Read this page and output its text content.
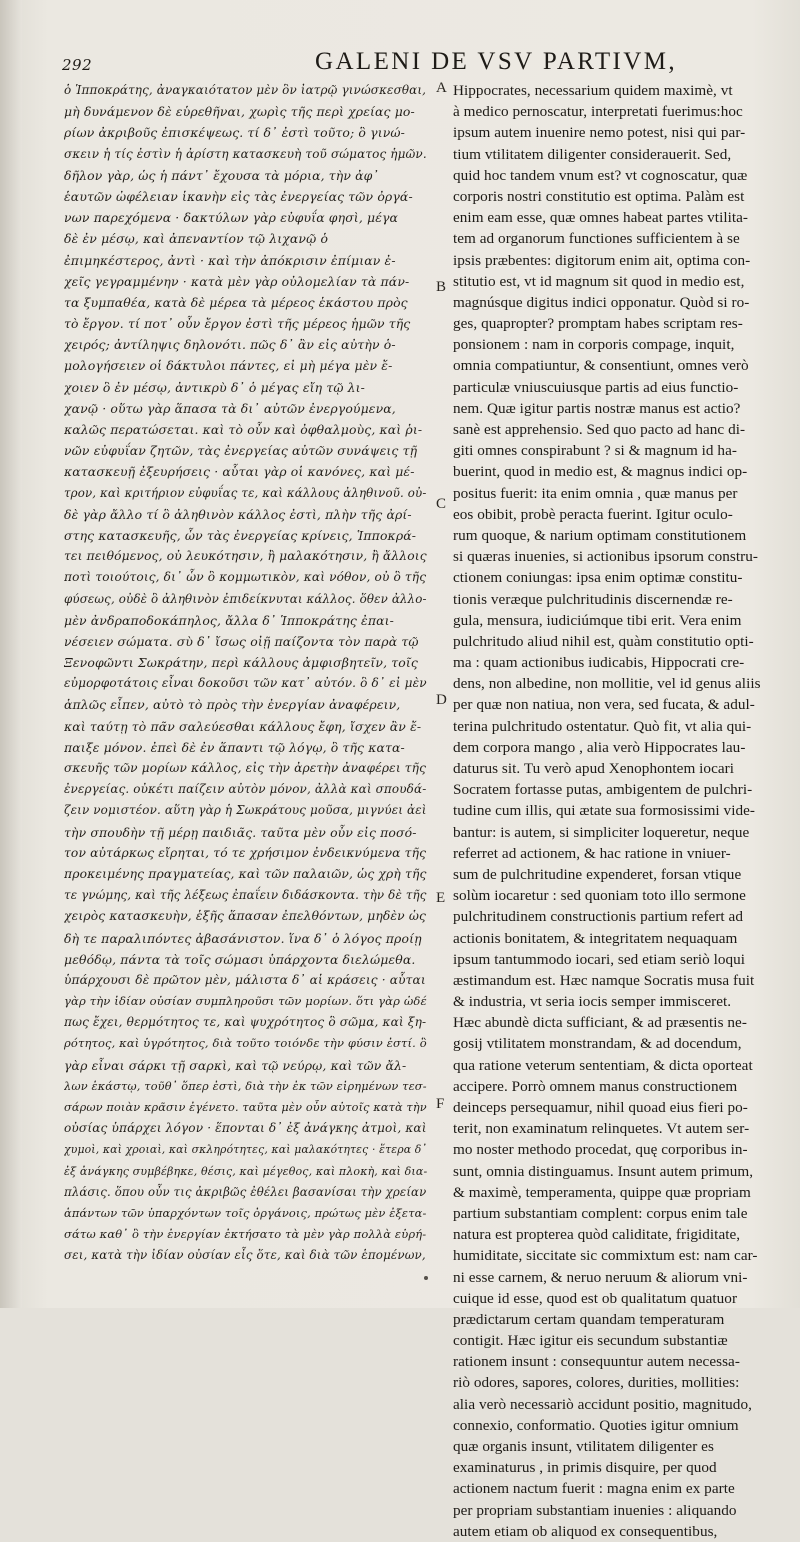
292	GALENI DE VSV PARTIVM,
ὁ Ἱπποκράτης, ἀναγκαιότατον μὲν ὃν ἰατρῷ γινώσκεσθαι,
μὴ δυνάμενον δὲ εὑρεθῆναι, χωρὶς τῆς περὶ χρείας μο-
ρίων ἀκριβοῦς ἐπισκέψεως. τί δ᾽ ἐστὶ τοῦτο; ὃ γινώ-
σκειν ἡ τίς ἐστὶν ἡ ἀρίστη κατασκευὴ τοῦ σώματος ἡμῶν.
δῆλον γὰρ, ὡς ἡ πάντ᾽ ἔχουσα τὰ μόρια, τὴν ἀφ᾽
ἑαυτῶν ὠφέλειαν ἱκανὴν εἰς τὰς ἐνεργείας τῶν ὀργά-
νων παρεχόμενα · δακτύλων γὰρ εὐφυΐα φησὶ, μέγα
δὲ ἐν μέσῳ, καὶ ἀπεναντίον τῷ λιχανῷ ὁ
ἐπιμηκέστερος, ἀντὶ · καὶ τὴν ἀπόκρισιν ἐπίμιαν ἐ-
χεῖς γεγραμμένην · κατὰ μὲν γὰρ οὐλομελίαν τὰ πάν-
τα ξυμπαθέα, κατὰ δὲ μέρεα τὰ μέρεος ἑκάστου πρὸς
τὸ ἔργον. τί ποτ᾽ οὖν ἔργον ἐστὶ τῆς μέρεος ἡμῶν τῆς
χειρός; ἀντίληψις δηλονότι. πῶς δ᾽ ἂν εἰς αὐτὴν ὁ-
μολογήσειεν οἱ δάκτυλοι πάντες, εἰ μὴ μέγα μὲν ἔ-
χοιεν ὃ ἐν μέσῳ, ἀντικρὺ δ᾽ ὁ μέγας εἴη τῷ λι-
χανῷ · οὕτω γὰρ ἅπασα τὰ δι᾽ αὐτῶν ἐνεργούμενα,
καλῶς περατώσεται. καὶ τὸ οὖν καὶ ὀφθαλμοὺς, καὶ ῥι-
νῶν εὐφυΐαν ζητῶν, τὰς ἐνεργείας αὐτῶν συνάψεις τῇ
κατασκευῇ ἐξευρήσεις · αὗται γὰρ οἱ κανόνες, καὶ μέ-
τρον, καὶ κριτήριον εὐφυΐας τε, καὶ κάλλους ἀληθινοῦ. οὐ-
δὲ γὰρ ἄλλο τί ὃ ἀληθινὸν κάλλος ἐστὶ, πλὴν τῆς ἀρί-
στης κατασκευῆς, ὧν τὰς ἐνεργείας κρίνεις, Ἱπποκρά-
τει πειθόμενος, οὐ λευκότησιν, ἢ μαλακότησιν, ἢ ἄλλοις
ποτὶ τοιούτοις, δι᾽ ὧν ὃ κομμωτικὸν, καὶ νόθον, οὐ ὃ τῆς
φύσεως, οὐδὲ ὃ ἀληθινὸν ἐπιδείκνυται κάλλος. ὅθεν ἀλλο-
μὲν ἀνδραποδοκάπηλος, ἄλλα δ᾽ Ἱπποκράτης ἐπαι-
νέσειεν σώματα. σὺ δ᾽ ἴσως οἰῇ παίζοντα τὸν παρὰ τῷ
Ξενοφῶντι Σωκράτην, περὶ κάλλους ἀμφισβητεῖν, τοῖς
εὐμορφοτάτοις εἶναι δοκοῦσι τῶν κατ᾽ αὐτόν. ὃ δ᾽ εἰ μὲν
ἁπλῶς εἶπεν, αὐτὸ τὸ πρὸς τὴν ἐνεργίαν ἀναφέρειν,
καὶ ταύτῃ τὸ πᾶν σαλεύεσθαι κάλλους ἔφη, ἴσχεν ἂν ἔ-
παιξε μόνον. ἐπεὶ δὲ ἐν ἅπαντι τῷ λόγῳ, ὃ τῆς κατα-
σκευῆς τῶν μορίων κάλλος, εἰς τὴν ἀρετὴν ἀναφέρει τῆς
ἐνεργείας. οὐκέτι παίζειν αὐτὸν μόνον, ἀλλὰ καὶ σπουδά-
ζειν νομιστέον. αὕτη γὰρ ἡ Σωκράτους μοῦσα, μιγνύει ἀεὶ
τὴν σπουδὴν τῇ μέρῃ παιδιᾶς. ταῦτα μὲν οὖν εἰς ποσό-
τον αὐτάρκως εἴρηται, τό τε χρήσιμον ἐνδεικνύμενα τῆς
προκειμένης πραγματείας, καὶ τῶν παλαιῶν, ὡς χρὴ τῆς
τε γνώμης, καὶ τῆς λέξεως ἐπαΐειν διδάσκοντα. τὴν δὲ τῆς
χειρὸς κατασκευὴν, ἑξῆς ἅπασαν ἐπελθόντων, μηδὲν ὡς
δὴ τε παραλιπόντες ἀβασάνιστον. ἵνα δ᾽ ὁ λόγος προίῃ
μεθόδῳ, πάντα τὰ τοῖς σώμασι ὑπάρχοντα διελώμεθα.
ὑπάρχουσι δὲ πρῶτον μὲν, μάλιστα δ᾽ αἱ κράσεις · αὗται
γὰρ τὴν ἰδίαν οὐσίαν συμπληροῦσι τῶν μορίων. ὅτι γὰρ ὡδέ
πως ἔχει, θερμότητος τε, καὶ ψυχρότητος ὃ σῶμα, καὶ ξη-
ρότητος, καὶ ὑγρότητος, διὰ τοῦτο τοιόνδε τὴν φύσιν ἐστί. ὃ
γὰρ εἶναι σάρκι τῇ σαρκὶ, καὶ τῷ νεύρῳ, καὶ τῶν ἄλ-
λων ἑκάστῳ, τοῦθ᾽ ὅπερ ἐστὶ, διὰ τὴν ἐκ τῶν εἰρημένων τεσ-
σάρων ποιὰν κρᾶσιν ἐγένετο. ταῦτα μὲν οὖν αὐτοῖς κατὰ τὴν
οὐσίας ὑπάρχει λόγον · ἕπονται δ᾽ ἐξ ἀνάγκης ἀτμοὶ, καὶ
χυμοὶ, καὶ χροιαὶ, καὶ σκληρότητες, καὶ μαλακότητες · ἕτερα δ᾽
ἐξ ἀνάγκης συμβέβηκε, θέσις, καὶ μέγεθος, καὶ πλοκὴ, καὶ δια-
πλάσις. ὅπου οὖν τις ἀκριβῶς ἐθέλει βασανίσαι τὴν χρείαν
ἁπάντων τῶν ὑπαρχόντων τοῖς ὀργάνοις, πρώτως μὲν ἐξετα-
σάτω καθ᾽ ὃ τὴν ἐνεργίαν ἐκτήσατο τὰ μὲν γὰρ πολλὰ εὑρή-
σει, κατὰ τὴν ἰδίαν οὐσίαν εἶς ὅτε, καὶ διὰ τῶν ἑπομένων,
A
B
C
D
E
F
Hippocrates, necessarium quidem maximè, vt
à medico pernoscatur, interpretati fuerimus:hoc
ipsum autem inuenire nemo potest, nisi qui par-
tium vtilitatem diligenter considerauerit. Sed,
quid hoc tandem vnum est? vt cognoscatur, quæ
corporis nostri constitutio est optima. Palàm est
enim eam esse, quæ omnes habeat partes vtilita-
tem ad organorum functiones sufficientem à se
ipsis præbentes: digitorum enim ait, optima con-
stitutio est, vt id magnum sit quod in medio est,
magnúsque digitus indici opponatur. Quòd si ro-
ges, quapropter? promptam habes scriptam res-
ponsionem : nam in corporis compage, inquit,
omnia compatiuntur, & consentiunt, omnes verò
particulæ vniuscuiusque partis ad eius functio-
nem. Quæ igitur partis nostræ manus est actio?
sanè est apprehensio. Sed quo pacto ad hanc di-
giti omnes conspirabunt ? si & magnum id ha-
buerint, quod in medio est, & magnus indici op-
positus fuerit: ita enim omnia , quæ manus per
eos obibit, probè peracta fuerint. Igitur oculo-
rum quoque, & narium optimam constitutionem
si quæras inuenies, si actionibus ipsorum constru-
ctionem coniungas: ipsa enim optimæ constitu-
tionis veræque pulchritudinis discernendæ re-
gula, mensura, iudiciúmque tibi erit. Vera enim
pulchritudo aliud nihil est, quàm constitutio opti-
ma : quam actionibus iudicabis, Hippocrati cre-
dens, non albedine, non mollitie, vel id genus aliis
per quæ non natiua, non vera, sed fucata, & adul-
terina pulchritudo ostentatur. Quò fit, vt alia qui-
dem corpora mango , alia verò Hippocrates lau-
daturus sit. Tu verò apud Xenophontem iocari
Socratem fortasse putas, ambigentem de pulchri-
tudine cum illis, qui ætate sua formosissimi vide-
bantur: is autem, si simpliciter loqueretur, neque
referret ad actionem, & hac ratione in vniuer-
sum de pulchritudine expenderet, forsan vtique
solùm iocaretur : sed quoniam toto illo sermone
pulchritudinem constructionis partium refert ad
actionis bonitatem, & integritatem nequaquam
ipsum tantummodo iocari, sed etiam seriò loqui
æstimandum est. Hæc namque Socratis musa fuit
& industria, vt seria iocis semper immisceret.
Hæc abundè dicta sufficiant, & ad præsentis ne-
gosij vtilitatem monstrandam, & ad docendum,
qua ratione veterum sententiam, & dicta oporteat
accipere. Porrò omnem manus constructionem
deinceps persequamur, nihil quoad eius fieri po-
terit, non examinatum relinquetes. Vt autem ser-
mo noster methodo procedat, quę corporibus in-
sunt, omnia distinguamus. Insunt autem primum,
& maximè, temperamenta, quippe quæ propriam
partium substantiam complent: corpus enim tale
natura est propterea quòd caliditate, frigiditate,
humiditate, siccitate sic commixtum est: nam car-
ni esse carnem, & neruo neruum & aliorum vni-
cuique id esse, quod est ob qualitatum quatuor
prædictarum certam quandam temperaturam
contigit. Hæc igitur eis secundum substantiæ
rationem insunt : consequuntur autem necessa-
riò odores, sapores, colores, durities, mollities:
alia verò necessariò accidunt positio, magnitudo,
connexio, conformatio. Quoties igitur omnium
quæ organis insunt, vtilitatem diligenter es
examinaturus , in primis disquire, per quod
actionem nactum fuerit : magna enim ex parte
per propriam substantiam inuenies : aliquando
autem etiam ob aliquod ex consequentibus,
